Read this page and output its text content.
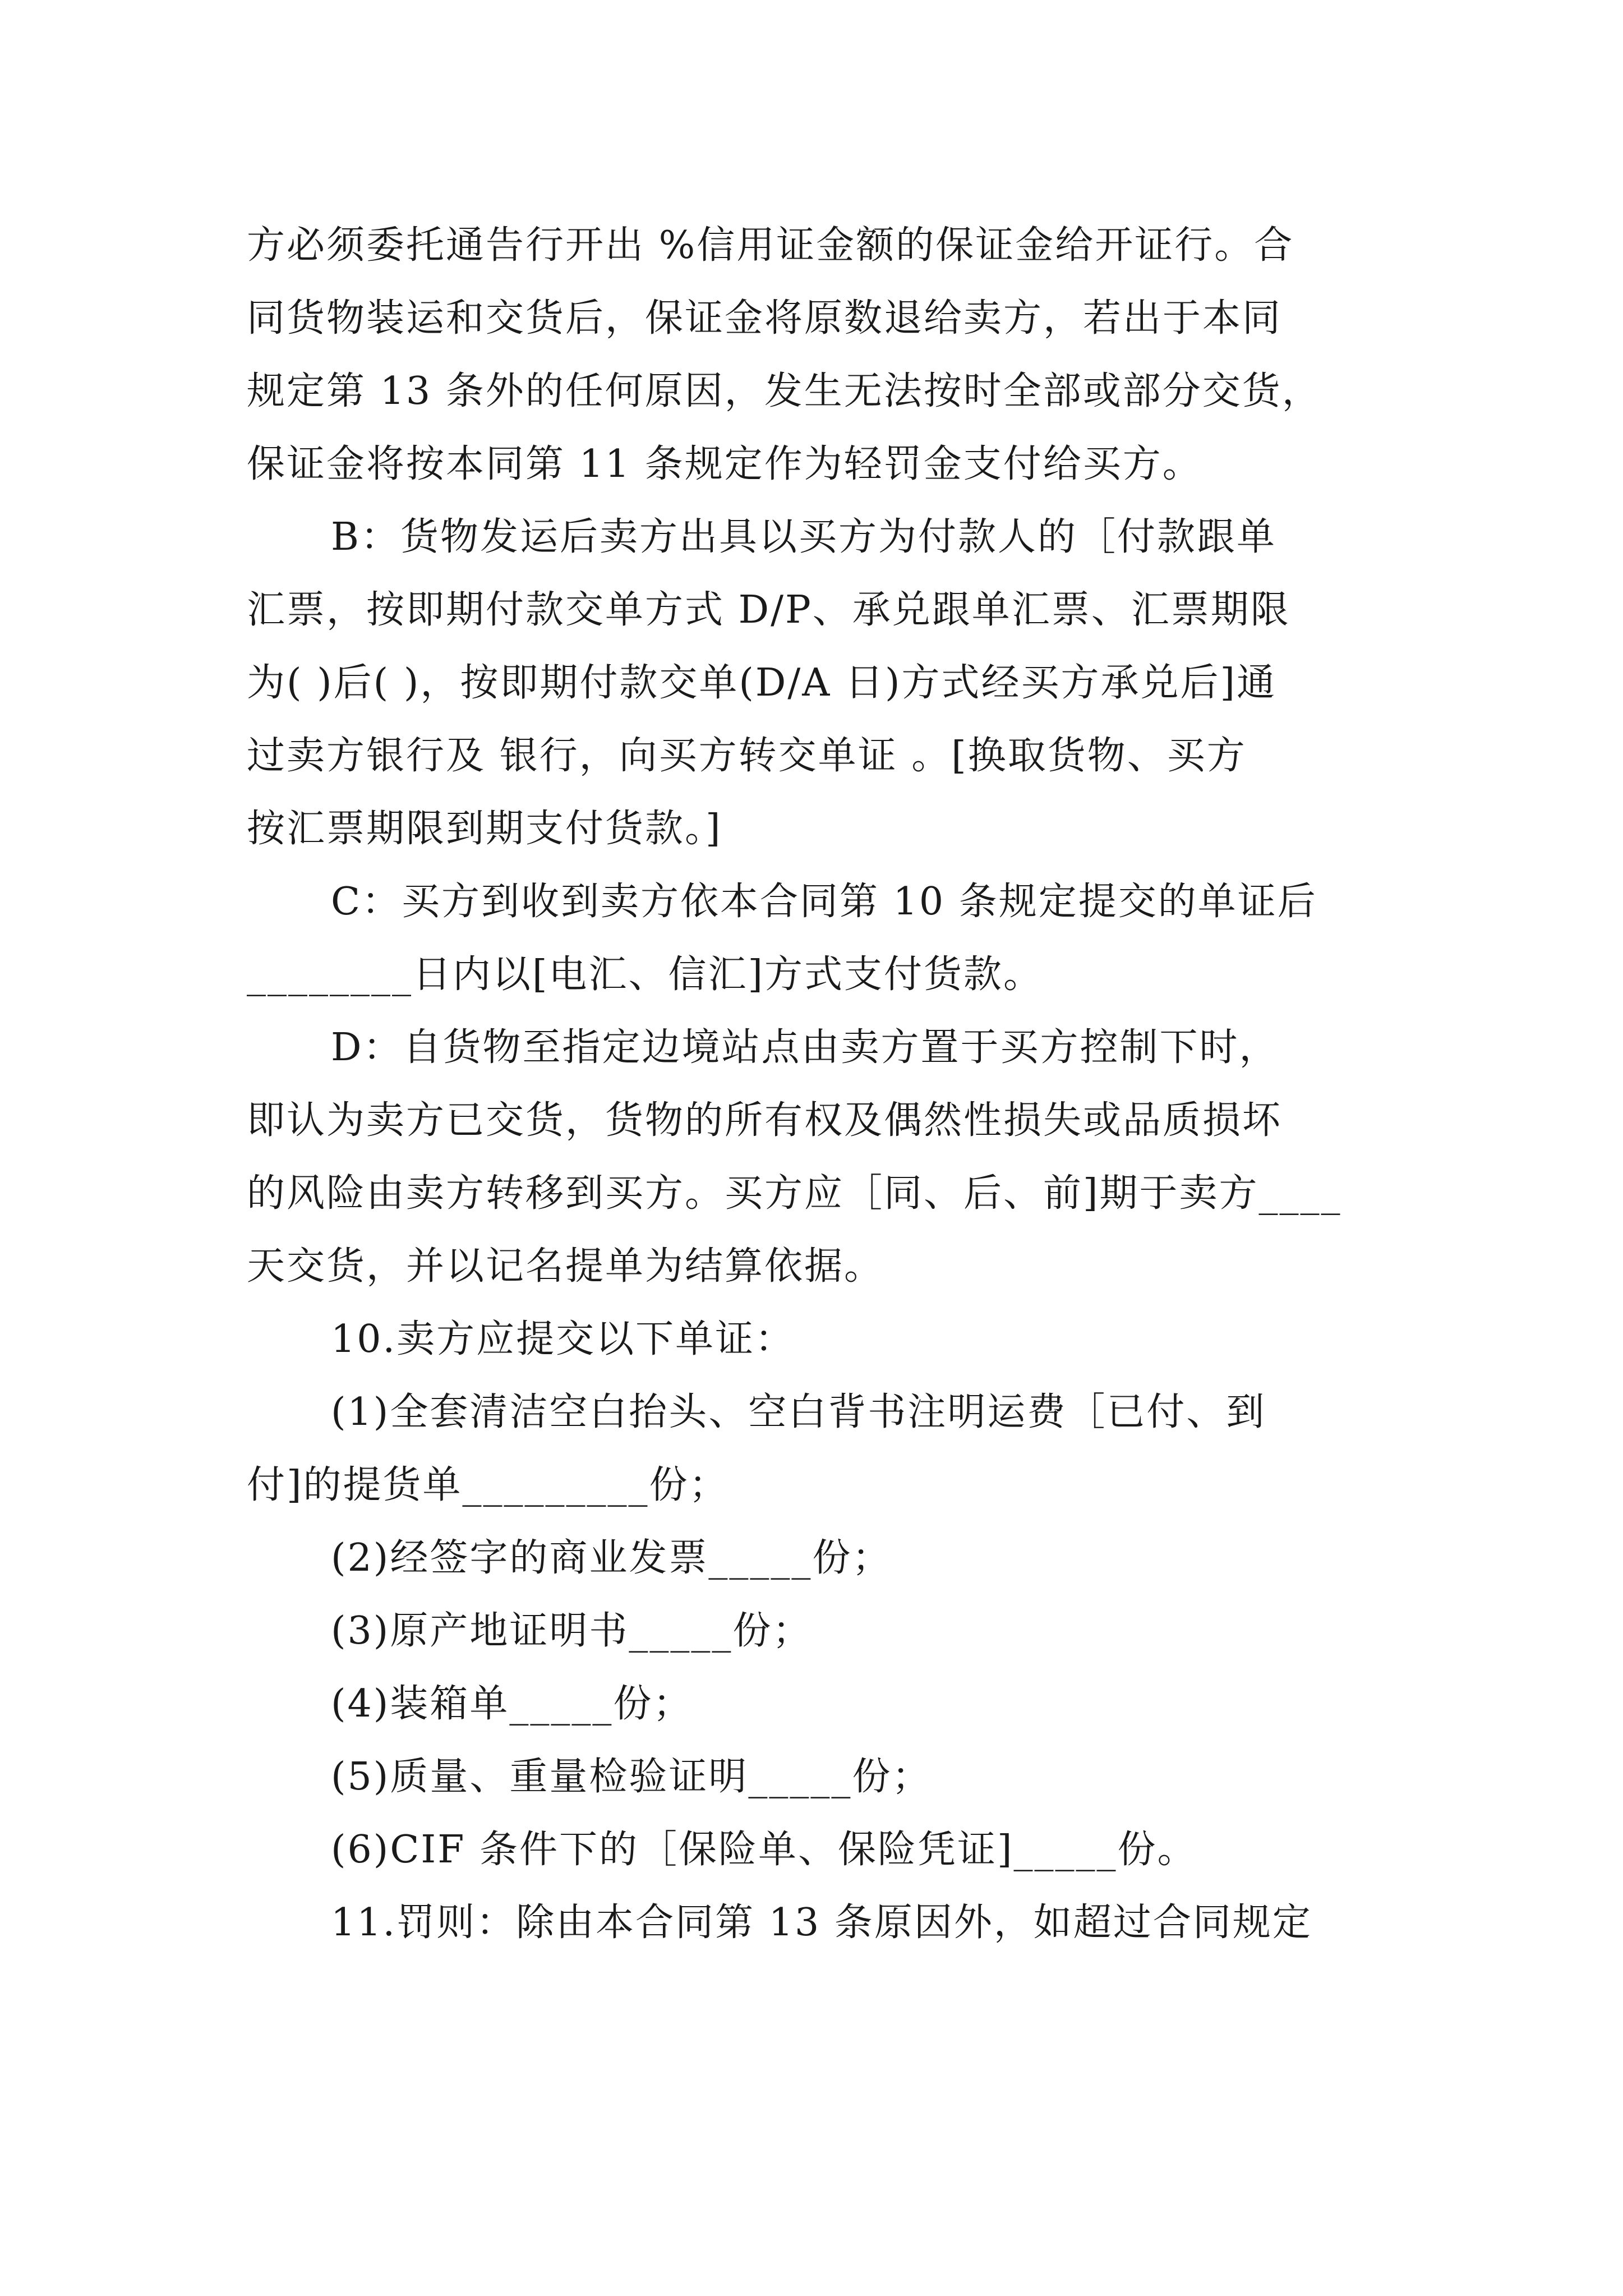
方必须委托通告行开出 %信用证金额的保证金给开证行。合
同货物装运和交货后，保证金将原数退给卖方，若出于本同
规定第 13 条外的任何原因，发生无法按时全部或部分交货，
保证金将按本同第 11 条规定作为轻罚金支付给买方。
B：货物发运后卖方出具以买方为付款人的［付款跟单
汇票，按即期付款交单方式 D/P、承兑跟单汇票、汇票期限
为( )后( )，按即期付款交单(D/A 日)方式经买方承兑后]通
过卖方银行及 银行，向买方转交单证 。[换取货物、买方
按汇票期限到期支付货款。]
C：买方到收到卖方依本合同第 10 条规定提交的单证后
________日内以[电汇、信汇]方式支付货款。
D：自货物至指定边境站点由卖方置于买方控制下时，
即认为卖方已交货，货物的所有权及偶然性损失或品质损坏
的风险由卖方转移到买方。买方应［同、后、前]期于卖方____
天交货，并以记名提单为结算依据。
10.卖方应提交以下单证：
(1)全套清洁空白抬头、空白背书注明运费［已付、到
付]的提货单_________份；
(2)经签字的商业发票_____份；
(3)原产地证明书_____份；
(4)装箱单_____份；
(5)质量、重量检验证明_____份；
(6)CIF 条件下的［保险单、保险凭证]_____份。
11.罚则：除由本合同第 13 条原因外，如超过合同规定
